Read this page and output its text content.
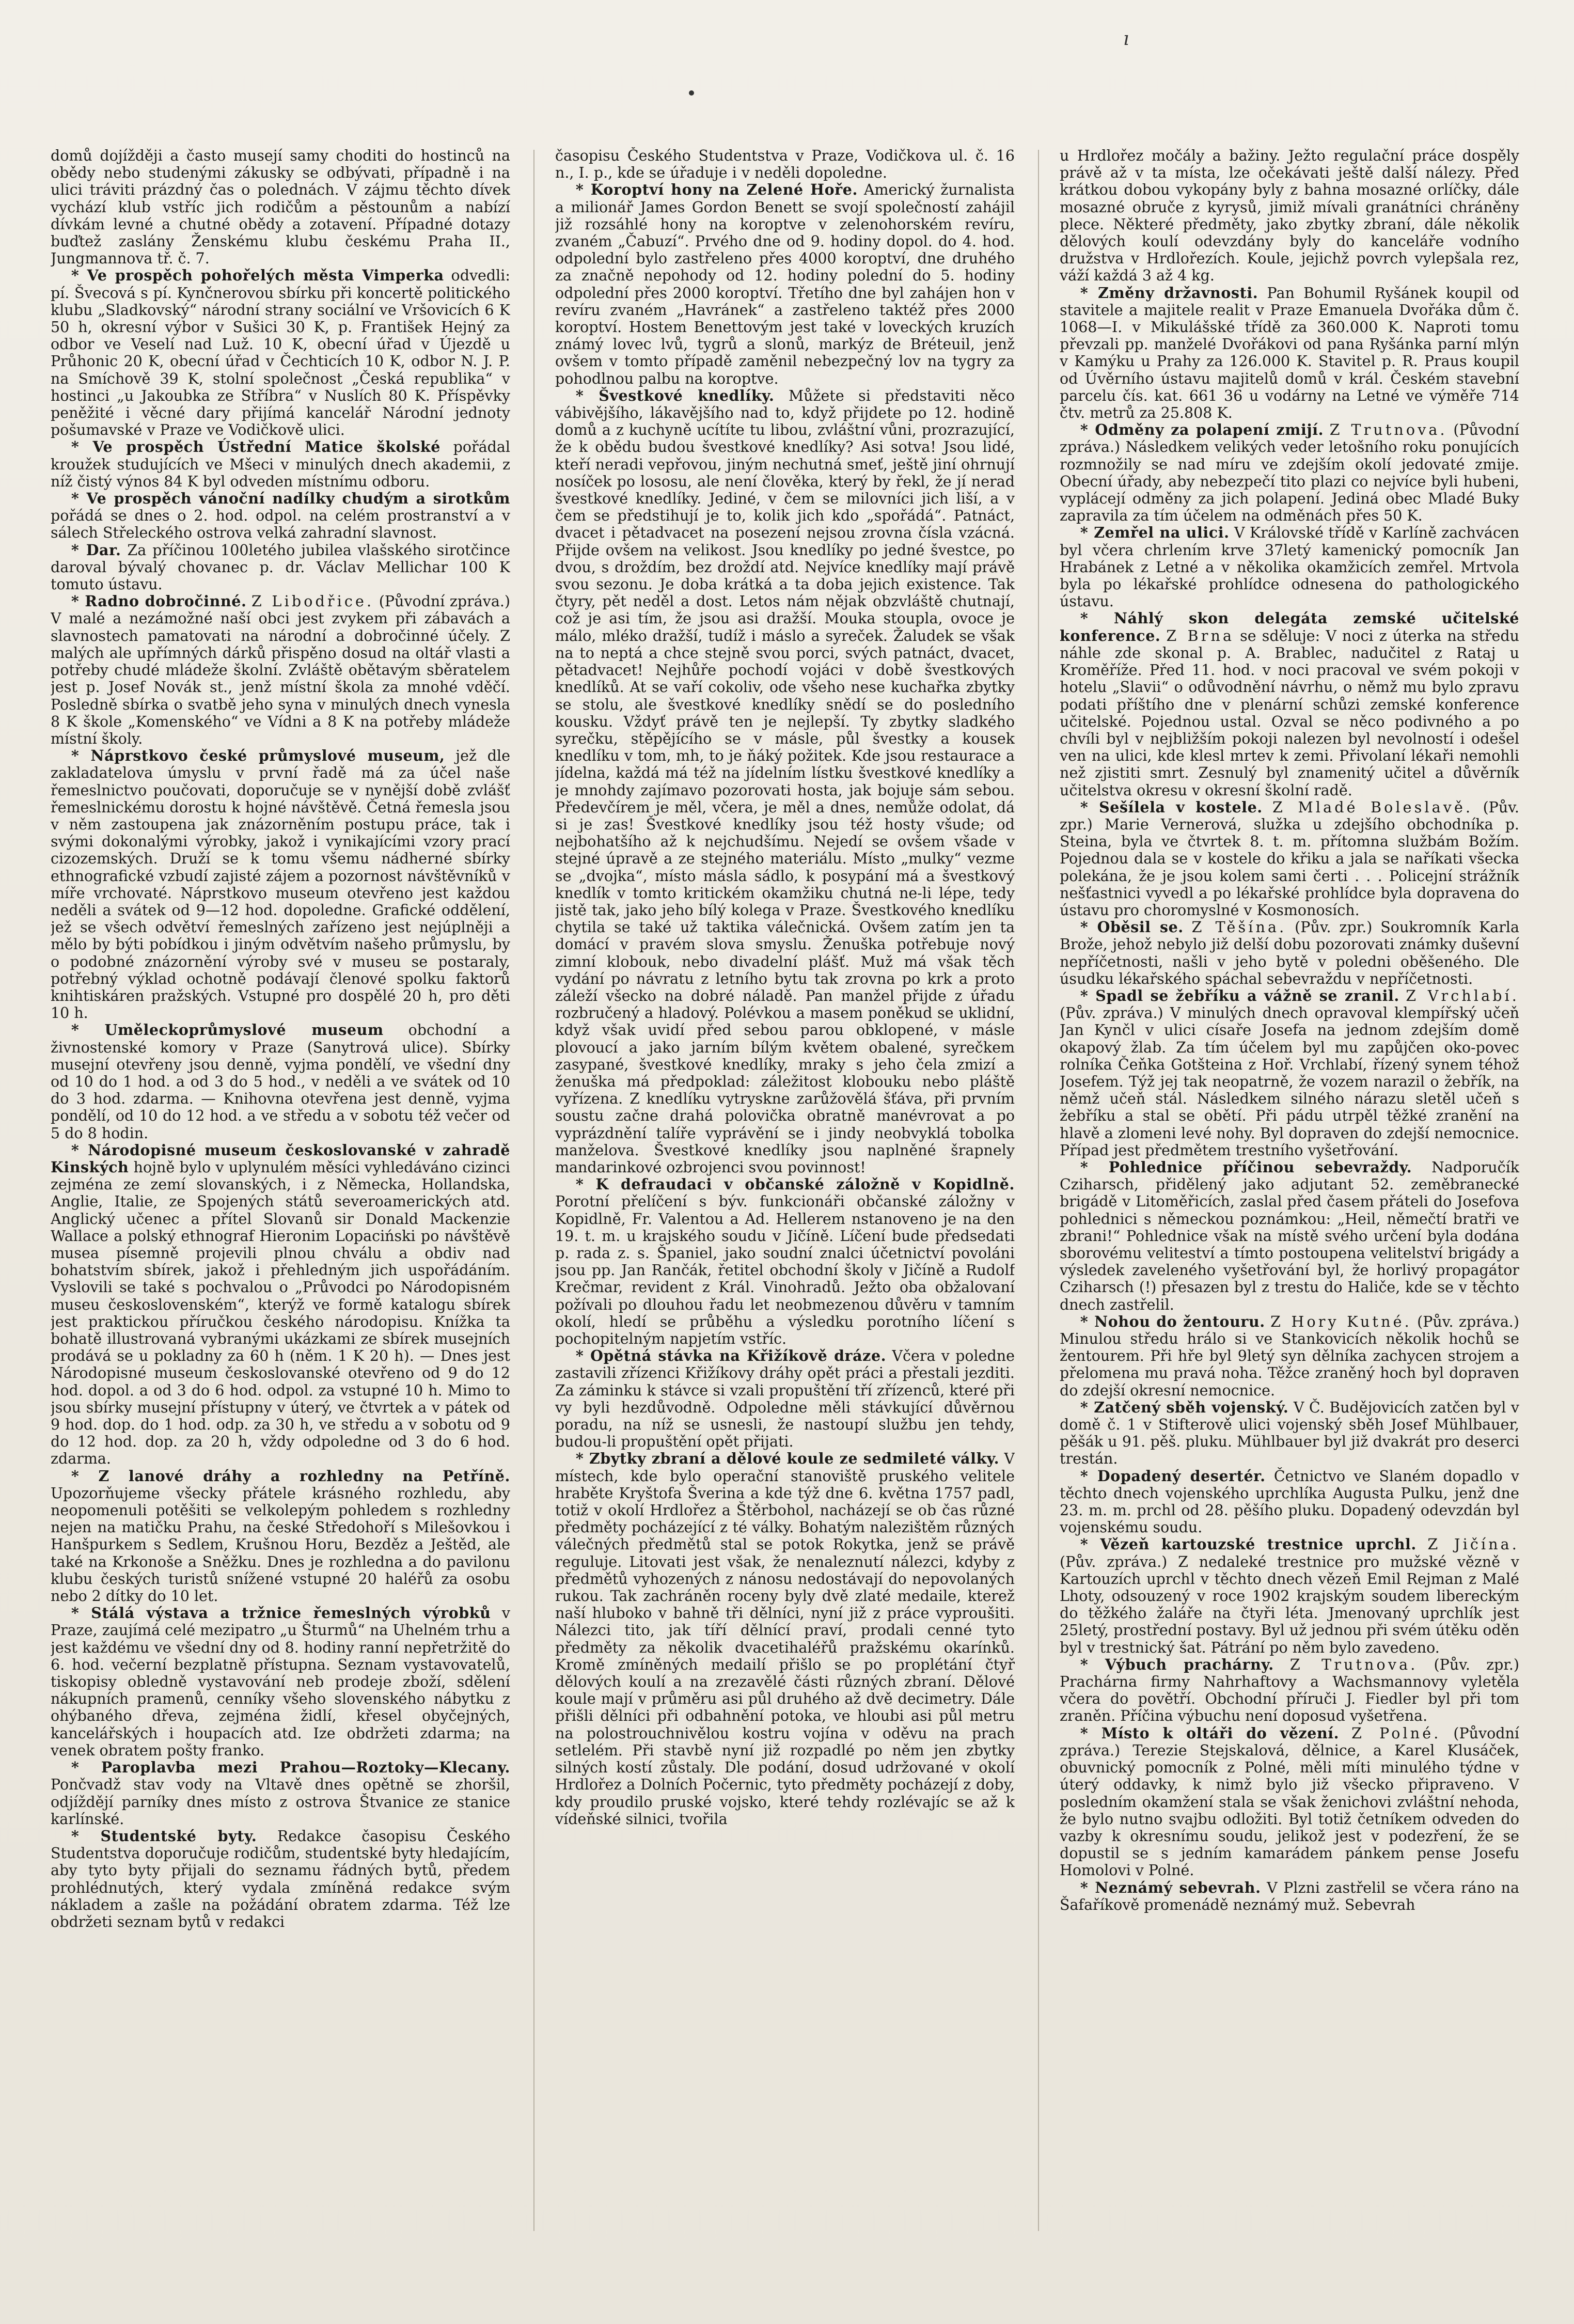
ı

domů dojížději a často musejí samy choditi do hostinců na obědy nebo studenými zákusky se odbývati, případně i na ulici tráviti prázdný čas o polednách. V zájmu těchto dívek vychází klub vstříc jich rodičům a pěstounům a nabízí dívkám levné a chutné obědy a zotavení. Případné dotazy buďtež zaslány Ženskému klubu českému Praha II., Jungmannova tř. č. 7.

* Ve prospěch pohořelých města Vimperka odvedli: pí. Švecová s pí. Kynčnerovou sbírku při koncertě politického klubu „Sladkovský“ národní strany sociální ve Vršovicích 6 K 50 h, okresní výbor v Sušici 30 K, p. František Hejný za odbor ve Veselí nad Luž. 10 K, obecní úřad v Újezdě u Průhonic 20 K, obecní úřad v Čechticích 10 K, odbor N. J. P. na Smíchově 39 K, stolní společnost „Česká republika“ v hostinci „u Jakoubka ze Stříbra“ v Nuslích 80 K. Příspěvky peněžité i věcné dary přijímá kancelář Národní jednoty pošumavské v Praze ve Vodičkově ulici.

* Ve prospěch Ústřední Matice školské pořádal kroužek studujících ve Mšeci v minulých dnech akademii, z níž čistý výnos 84 K byl odveden místnímu odboru.

* Ve prospěch vánoční nadílky chudým a sirotkům pořádá se dnes o 2. hod. odpol. na celém prostranství a v sálech Střeleckého ostrova velká zahradní slavnost.

* Dar. Za příčinou 100letého jubilea vlašského sirotčince daroval bývalý chovanec p. dr. Václav Mellichar 100 K tomuto ústavu.

* Radno dobročinné. Z Libodřice. (Původní zpráva.) V malé a nezámožné naší obci jest zvykem při zábavách a slavnostech pamatovati na národní a dobročinné účely. Z malých ale upřímných dárků přispěno dosud na oltář vlasti a potřeby chudé mládeže školní. Zvláště obětavým sběratelem jest p. Josef Novák st., jenž místní škola za mnohé vděčí. Posledně sbírka o svatbě jeho syna v minulých dnech vynesla 8 K škole „Komenského“ ve Vídni a 8 K na potřeby mládeže místní školy.

* Náprstkovo české průmyslové museum, jež dle zakladatelova úmyslu v první řadě má za účel naše řemeslnictvo poučovati, doporučuje se v nynější době zvlášť řemeslnickému dorostu k hojné návštěvě. Četná řemesla jsou v něm zastoupena jak znázorněním postupu práce, tak i svými dokonalými výrobky, jakož i vynikajícími vzory prací cizozemských. Druží se k tomu všemu nádherné sbírky ethnografické vzbudí zajisté zájem a pozornost návštěvníků v míře vrchovaté. Náprstkovo museum otevřeno jest každou neděli a svátek od 9—12 hod. dopoledne. Grafické oddělení, jež se všech odvětví řemeslných zařízeno jest nejúplněji a mělo by býti pobídkou i jiným odvětvím našeho průmyslu, by o podobné znázornění výroby své v museu se postaraly, potřebný výklad ochotně podávají členové spolku faktorů knihtiskáren pražských. Vstupné pro dospělé 20 h, pro děti 10 h.

* Uměleckoprůmyslové museum obchodní a živnostenské komory v Praze (Sanytrová ulice). Sbírky musejní otevřeny jsou denně, vyjma pondělí, ve všední dny od 10 do 1 hod. a od 3 do 5 hod., v neděli a ve svátek od 10 do 3 hod. zdarma. — Knihovna otevřena jest denně, vyjma pondělí, od 10 do 12 hod. a ve středu a v sobotu též večer od 5 do 8 hodin.

* Národopisné museum českoslovanské v zahradě Kinských hojně bylo v uplynulém měsíci vyhledáváno cizinci zejména ze zemí slovanských, i z Německa, Hollandska, Anglie, Italie, ze Spojených států severoamerických atd. Anglický učenec a přítel Slovanů sir Donald Mackenzie Wallace a polský ethnograf Hieronim Lopaciński po návštěvě musea písemně projevili plnou chválu a obdiv nad bohatstvím sbírek, jakož i přehledným jich uspořádáním. Vyslovili se také s pochvalou o „Průvodci po Národopisném museu československém“, kterýž ve formě katalogu sbírek jest praktickou příručkou českého národopisu. Knížka ta bohatě illustrovaná vybranými ukázkami ze sbírek musejních prodává se u pokladny za 60 h (něm. 1 K 20 h). — Dnes jest Národopisné museum českoslovanské otevřeno od 9 do 12 hod. dopol. a od 3 do 6 hod. odpol. za vstupné 10 h. Mimo to jsou sbírky musejní přístupny v úterý, ve čtvrtek a v pátek od 9 hod. dop. do 1 hod. odp. za 30 h, ve středu a v sobotu od 9 do 12 hod. dop. za 20 h, vždy odpoledne od 3 do 6 hod. zdarma.

* Z lanové dráhy a rozhledny na Petříně. Upozorňujeme všecky přátele krásného rozhledu, aby neopomenuli potěšiti se velkolepým pohledem s rozhledny nejen na matičku Prahu, na české Středohoří s Milešovkou i Hanšpurkem s Sedlem, Krušnou Horu, Bezděz a Ještěd, ale také na Krkonoše a Sněžku. Dnes je rozhledna a do pavilonu klubu českých turistů snížené vstupné 20 haléřů za osobu nebo 2 dítky do 10 let.

* Stálá výstava a tržnice řemeslných výrobků v Praze, zaujímá celé mezipatro „u Šturmů“ na Uhelném trhu a jest každému ve všední dny od 8. hodiny ranní nepřetržitě do 6. hod. večerní bezplatně přístupna. Seznam vystavovatelů, tiskopisy obledně vystavování neb prodeje zboží, sdělení nákupních pramenů, cenníky všeho slovenského nábytku z ohýbaného dřeva, zejména židlí, křesel obyčejných, kancelářských i houpacích atd. Ize obdržeti zdarma; na venek obratem pošty franko.

* Paroplavba mezi Prahou—Roztoky—Klecany. Pončvadž stav vody na Vltavě dnes opětně se zhoršil, odjíždějí parníky dnes místo z ostrova Štvanice ze stanice karlínské.

* Studentské byty. Redakce časopisu Českého Studentstva doporučuje rodičům, studentské byty hledajícím, aby tyto byty přijali do seznamu řádných bytů, předem prohlédnutých, který vydala zmíněná redakce svým nákladem a zašle na požádání obratem zdarma. Též lze obdržeti seznam bytů v redakci

časopisu Českého Studentstva v Praze, Vodičkova ul. č. 16 n., I. p., kde se úřaduje i v neděli dopoledne.

* Koroptví hony na Zelené Hoře. Americký žurnalista a milionář James Gordon Benett se svojí společností zahájil již rozsáhlé hony na koroptve v zelenohorském revíru, zvaném „Čabuzí“. Prvého dne od 9. hodiny dopol. do 4. hod. odpolední bylo zastřeleno přes 4000 koroptví, dne druhého za značně nepohody od 12. hodiny polední do 5. hodiny odpolední přes 2000 koroptví. Třetího dne byl zahájen hon v revíru zvaném „Havránek“ a zastřeleno taktéž přes 2000 koroptví. Hostem Benettovým jest také v loveckých kruzích známý lovec lvů, tygrů a slonů, markýz de Bréteuil, jenž ovšem v tomto případě zaměnil nebezpečný lov na tygry za pohodlnou palbu na koroptve.

* Švestkové knedlíky. Můžete si představiti něco vábivějšího, lákavějšího nad to, když přijdete po 12. hodině domů a z kuchyně ucítíte tu libou, zvláštní vůni, prozrazující, že k obědu budou švestkové knedlíky? Asi sotva! Jsou lidé, kteří neradi vepřovou, jiným nechutná smeť, ještě jiní ohrnují nosíček po lososu, ale není člověka, který by řekl, že jí nerad švestkové knedlíky. Jediné, v čem se milovníci jich liší, a v čem se předstihují je to, kolik jich kdo „spořádá“. Patnáct, dvacet i pětadvacet na posezení nejsou zrovna čísla vzácná. Přijde ovšem na velikost. Jsou knedlíky po jedné švestce, po dvou, s droždím, bez droždí atd. Nejvíce knedlíky mají právě svou sezonu. Je doba krátká a ta doba jejich existence. Tak čtyry, pět neděl a dost. Letos nám nějak obzvláště chutnají, což je asi tím, že jsou asi dražší. Mouka stoupla, ovoce je málo, mléko dražší, tudíž i máslo a syreček. Žaludek se však na to neptá a chce stejně svou porci, svých patnáct, dvacet, pětadvacet! Nejhůře pochodí vojáci v době švestkových knedlíků. At se vaří cokoliv, ode všeho nese kuchařka zbytky se stolu, ale švestkové knedlíky snědí se do posledního kousku. Vždyť právě ten je nejlepší. Ty zbytky sladkého syrečku, stěpějícího se v másle, půl švestky a kousek knedlíku v tom, mh, to je ňáký požitek. Kde jsou restaurace a jídelna, každá má též na jídelním lístku švestkové knedlíky a je mnohdy zajímavo pozorovati hosta, jak bojuje sám sebou. Předevčírem je měl, včera, je měl a dnes, nemůže odolat, dá si je zas! Švestkové knedlíky jsou též hosty všude; od nejbohatšího až k nejchudšímu. Nejedí se ovšem všade v stejné úpravě a ze stejného materiálu. Místo „mulky“ vezme se „dvojka“, místo másla sádlo, k posypání má a švestkový knedlík v tomto kritickém okamžiku chutná ne-li lépe, tedy jistě tak, jako jeho bílý kolega v Praze. Švestkového knedlíku chytila se také už taktika válečnická. Ovšem zatím jen ta domácí v pravém slova smyslu. Ženuška potřebuje nový zimní klobouk, nebo divadelní plášť. Muž má však těch vydání po návratu z letního bytu tak zrovna po krk a proto záleží všecko na dobré náladě. Pan manžel přijde z úřadu rozbručený a hladový. Polévkou a masem poněkud se uklidní, když však uvidí před sebou parou obklopené, v másle plovoucí a jako jarním bílým květem obalené, syrečkem zasypané, švestkové knedlíky, mraky s jeho čela zmizí a ženuška má předpoklad: záležitost klobouku nebo pláště vyřízena. Z knedlíku vytryskne zarůžovělá šťáva, při prvním soustu začne drahá polovička obratně manévrovat a po vyprázdnění talíře vyprávění se i jindy neobvyklá tobolka manželova. Švestkové knedlíky jsou naplněné šrapnely mandarinkové ozbrojenci svou povinnost!

* K defraudaci v občanské záložně v Kopidlně. Porotní přelíčení s býv. funkcionáři občanské záložny v Kopidlně, Fr. Valentou a Ad. Hellerem nstanoveno je na den 19. t. m. u krajského soudu v Jičíně. Líčení bude předsedati p. rada z. s. Španiel, jako soudní znalci účetnictví povoláni jsou pp. Jan Rančák, řetitel obchodní školy v Jičíně a Rudolf Krečmar, revident z Král. Vinohradů. Ježto oba obžalovaní požívali po dlouhou řadu let neobmezenou důvěru v tamním okolí, hledí se průběhu a výsledku porotního líčení s pochopitelným napjetím vstříc.

* Opětná stávka na Křižíkově dráze. Včera v poledne zastavili zřízenci Křižíkovy dráhy opět práci a přestali jezditi. Za záminku k stávce si vzali propuštění tří zřízenců, které při vy byli hezdůvodně. Odpoledne měli stávkující důvěrnou poradu, na níž se usnesli, že nastoupí službu jen tehdy, budou-li propuštění opět přijati.

* Zbytky zbraní a dělové koule ze sedmileté války. V místech, kde bylo operační stanoviště pruského velitele hraběte Kryštofa Šverina a kde týž dne 6. května 1757 padl, totiž v okolí Hrdlořez a Štěrbohol, nacházejí se ob čas různé předměty pocházející z té války. Bohatým nalezištěm různých válečných předmětů stal se potok Rokytka, jenž se právě reguluje. Litovati jest však, že nenaleznutí nálezci, kdyby z předmětů vyhozených z nánosu nedostávají do nepovolaných rukou. Tak zachráněn roceny byly dvě zlaté medaile, kterež naší hluboko v bahně tři dělníci, nyní již z práce vyproušiti. Nálezci tito, jak tíří dělnící praví, prodali cenné tyto předměty za několik dvacetihaléřů pražskému okarínků. Kromě zmíněných medailí přišlo se po proplétání čtyř dělových koulí a na zrezavělé části různých zbraní. Dělové koule mají v průměru asi půl druhého až dvě decimetry. Dále přišli dělníci při odbahnění potoka, ve hloubi asi půl metru na polostrouchnivělou kostru vojína v oděvu na prach setlelém. Při stavbě nyní již rozpadlé po něm jen zbytky silných kostí zůstaly. Dle podání, dosud udržované v okolí Hrdlořez a Dolních Počernic, tyto předměty pocházejí z doby, kdy proudilo pruské vojsko, které tehdy rozlévajíc se až k vídeňské silnici, tvořila

u Hrdlořez močály a bažiny. Ježto regulační práce dospěly právě až v ta místa, lze očekávati ještě další nálezy. Před krátkou dobou vykopány byly z bahna mosazné orlíčky, dále mosazné obruče z kyrysů, jimiž mívali granátníci chráněny plece. Některé předměty, jako zbytky zbraní, dále několik dělových koulí odevzdány byly do kanceláře vodního družstva v Hrdlořezích. Koule, jejichž povrch vylepšala rez, váží každá 3 až 4 kg.

* Změny državnosti. Pan Bohumil Ryšánek koupil od stavitele a majitele realit v Praze Emanuela Dvořáka dům č. 1068—I. v Mikulášské třídě za 360.000 K. Naproti tomu převzali pp. manželé Dvořákovi od pana Ryšánka parní mlýn v Kamýku u Prahy za 126.000 K. Stavitel p. R. Praus koupil od Úvěrního ústavu majitelů domů v král. Českém stavební parcelu čís. kat. 661 36 u vodárny na Letné ve výměře 714 čtv. metrů za 25.808 K.

* Odměny za polapení zmijí. Z Trutnova. (Původní zpráva.) Následkem velikých veder letošního roku ponujících rozmnožily se nad míru ve zdejším okolí jedovaté zmije. Obecní úřady, aby nebezpečí tito plazi co nejvíce byli hubeni, vyplácejí odměny za jich polapení. Jediná obec Mladé Buky zapravila za tím účelem na odměnách přes 50 K.

* Zemřel na ulici. V Královské třídě v Karlíně zachvácen byl včera chrlením krve 37letý kamenický pomocník Jan Hrabánek z Letné a v několika okamžicích zemřel. Mrtvola byla po lékařské prohlídce odnesena do pathologického ústavu.

* Náhlý skon delegáta zemské učitelské konference. Z Brna se sděluje: V noci z úterka na středu náhle zde skonal p. A. Brablec, nadučitel z Rataj u Kroměříže. Před 11. hod. v noci pracoval ve svém pokoji v hotelu „Slavii“ o odůvodnění návrhu, o němž mu bylo zpravu podati příštího dne v plenární schůzi zemské konference učitelské. Pojednou ustal. Ozval se něco podivného a po chvíli byl v nejbližším pokoji nalezen byl nevolností i odešel ven na ulici, kde klesl mrtev k zemi. Přivolaní lékaři nemohli než zjistiti smrt. Zesnulý byl znamenitý učitel a důvěrník učitelstva okresu v okresní školní radě.

* Sešílela v kostele. Z Mladé Boleslavě. (Pův. zpr.) Marie Vernerová, služka u zdejšího obchodníka p. Steina, byla ve čtvrtek 8. t. m. přítomna službám Božím. Pojednou dala se v kostele do křiku a jala se naříkati všecka polekána, že je jsou kolem sami čerti . . . Policejní strážník nešťastnici vyvedl a po lékařské prohlídce byla dopravena do ústavu pro choromyslné v Kosmonosích.

* Oběsil se. Z Těšína. (Pův. zpr.) Soukromník Karla Brože, jehož nebylo již delší dobu pozorovati známky duševní nepříčetnosti, našli v jeho bytě v poledni oběšeného. Dle úsudku lékařského spáchal sebevraždu v nepříčetnosti.

* Spadl se žebříku a vážně se zranil. Z Vrchlabí. (Pův. zpráva.) V minulých dnech opravoval klempířský učeň Jan Kynčl v ulici císaře Josefa na jednom zdejším domě okapový žlab. Za tím účelem byl mu zapůjčen oko-povec rolníka Čeňka Gotšteina z Hoř. Vrchlabí, řízený synem téhož Josefem. Týž jej tak neopatrně, že vozem narazil o žebřík, na němž učeň stál. Následkem silného nárazu sletěl učeň s žebříku a stal se obětí. Při pádu utrpěl těžké zranění na hlavě a zlomeni levé nohy. Byl dopraven do zdejší nemocnice. Případ jest předmětem trestního vyšetřování.

* Pohlednice příčinou sebevraždy. Nadporučík Cziharsch, přidělený jako adjutant 52. zeměbranecké brigádě v Litoměřicích, zaslal před časem přáteli do Josefova pohlednici s německou poznámkou: „Heil, němečtí bratři ve zbrani!“ Pohlednice však na místě svého určení byla dodána sborovému veliteství a tímto postoupena velitelství brigády a výsledek zaveleného vyšetřování byl, že horlivý propagátor Cziharsch (!) přesazen byl z trestu do Haliče, kde se v těchto dnech zastřelil.

* Nohou do žentouru. Z Hory Kutné. (Pův. zpráva.) Minulou středu hrálo si ve Stankovicích několik hochů se žentourem. Při hře byl 9letý syn dělníka zachycen strojem a přelomena mu pravá noha. Těžce zraněný hoch byl dopraven do zdejší okresní nemocnice.

* Zatčený sběh vojenský. V Č. Budějovicích zatčen byl v domě č. 1 v Stifterově ulici vojenský sběh Josef Mühlbauer, pěšák u 91. pěš. pluku. Mühlbauer byl již dvakrát pro deserci trestán.

* Dopadený desertér. Četnictvo ve Slaném dopadlo v těchto dnech vojenského uprchlíka Augusta Pulku, jenž dne 23. m. m. prchl od 28. pěšího pluku. Dopadený odevzdán byl vojenskému soudu.

* Vězeň kartouzské trestnice uprchl. Z Jičína. (Pův. zpráva.) Z nedaleké trestnice pro mužské vězně v Kartouzích uprchl v těchto dnech vězeň Emil Rejman z Malé Lhoty, odsouzený v roce 1902 krajským soudem libereckým do těžkého žaláře na čtyři léta. Jmenovaný uprchlík jest 25letý, prostřední postavy. Byl už jednou při svém útěku oděn byl v trestnický šat. Pátrání po něm bylo zavedeno.

* Výbuch prachárny. Z Trutnova. (Pův. zpr.) Prachárna firmy Nahrhaftovy a Wachsmannovy vyletěla včera do povětří. Obchodní příruči J. Fiedler byl při tom zraněn. Příčina výbuchu není doposud vyšetřena.

* Místo k oltáři do vězení. Z Polné. (Původní zpráva.) Terezie Stejskalová, dělnice, a Karel Klusáček, obuvnický pomocník z Polné, měli míti minulého týdne v úterý oddavky, k nimž bylo již všecko připraveno. V posledním okamžení stala se však ženichovi zvláštní nehoda, že bylo nutno svajbu odložiti. Byl totiž četníkem odveden do vazby k okresnímu soudu, jelikož jest v podezření, že se dopustil se s jedním kamarádem pánkem pense Josefu Homolovi v Polné.

* Neznámý sebevrah. V Plzni zastřelil se včera ráno na Šafaříkově promenádě neznámý muž. Sebevrah
